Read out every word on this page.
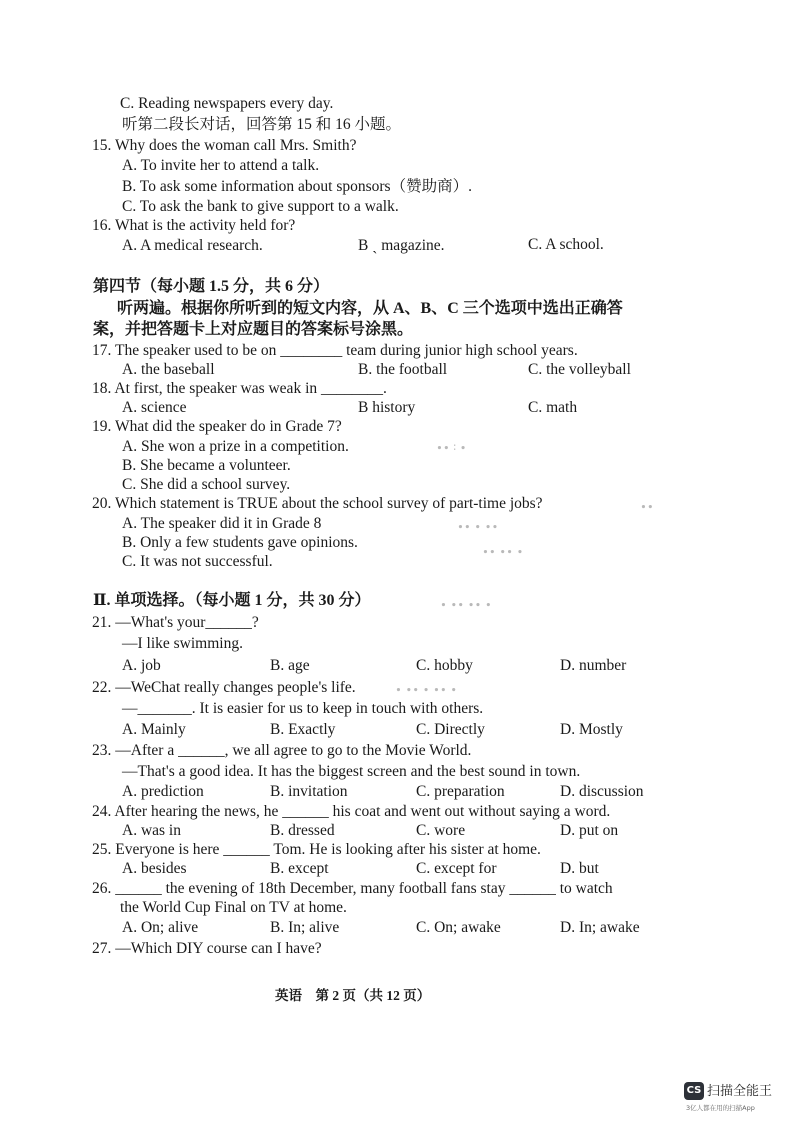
C. Reading newspapers every day.
听第二段长对话，回答第 15 和 16 小题。
15. Why does the woman call Mrs. Smith?
A. To invite her to attend a talk.
B. To ask some information about sponsors（赞助商）.
C. To ask the bank to give support to a walk.
16. What is the activity held for?
A. A medical research.	B ˎ magazine.	C. A school.
第四节（每小题 1.5 分，共 6 分）
听两遍。根据你所听到的短文内容，从 A、B、C 三个选项中选出正确答
案，并把答题卡上对应题目的答案标号涂黑。
17. The speaker used to be on ________ team during junior high school years.
A. the baseball	B. the football	C. the volleyball
18. At first, the speaker was weak in ________.
A. science	B history	C. math
19. What did the speaker do in Grade 7?
A. She won a prize in a competition.
B. She became a volunteer.
C. She did a school survey.
20. Which statement is TRUE about the school survey of part-time jobs?
A. The speaker did it in Grade 8
B. Only a few students gave opinions.
C. It was not successful.
Ⅱ. 单项选择。（每小题 1 分，共 30 分）
21. —What's your______?
—I like swimming.
A. job	B. age	C. hobby	D. number
22. —WeChat really changes people's life.
—_______. It is easier for us to keep in touch with others.
A. Mainly	B. Exactly	C. Directly	D. Mostly
23. —After a ______, we all agree to go to the Movie World.
—That's a good idea. It has the biggest screen and the best sound in town.
A. prediction	B. invitation	C. preparation	D. discussion
24. After hearing the news, he ______ his coat and went out without saying a word.
A. was in	B. dressed	C. wore	D. put on
25. Everyone is here ______ Tom. He is looking after his sister at home.
A. besides	B. except	C. except for	D. but
26. ______ the evening of 18th December, many football fans stay ______ to watch
the World Cup Final on TV at home.
A. On; alive	B. In; alive	C. On; awake	D. In; awake
27. —Which DIY course can I have?
英语　第 2 页（共 12 页）
∙∙ ∶ ∙
∙∙ ∙ ∙∙
∙∙ ∙∙ ∙
∙ ∙∙ ∙∙ ∙
∙ ∙∙ ∙ ∙∙ ∙
∙∙
CS 扫描全能王
3亿人都在用的扫描App
